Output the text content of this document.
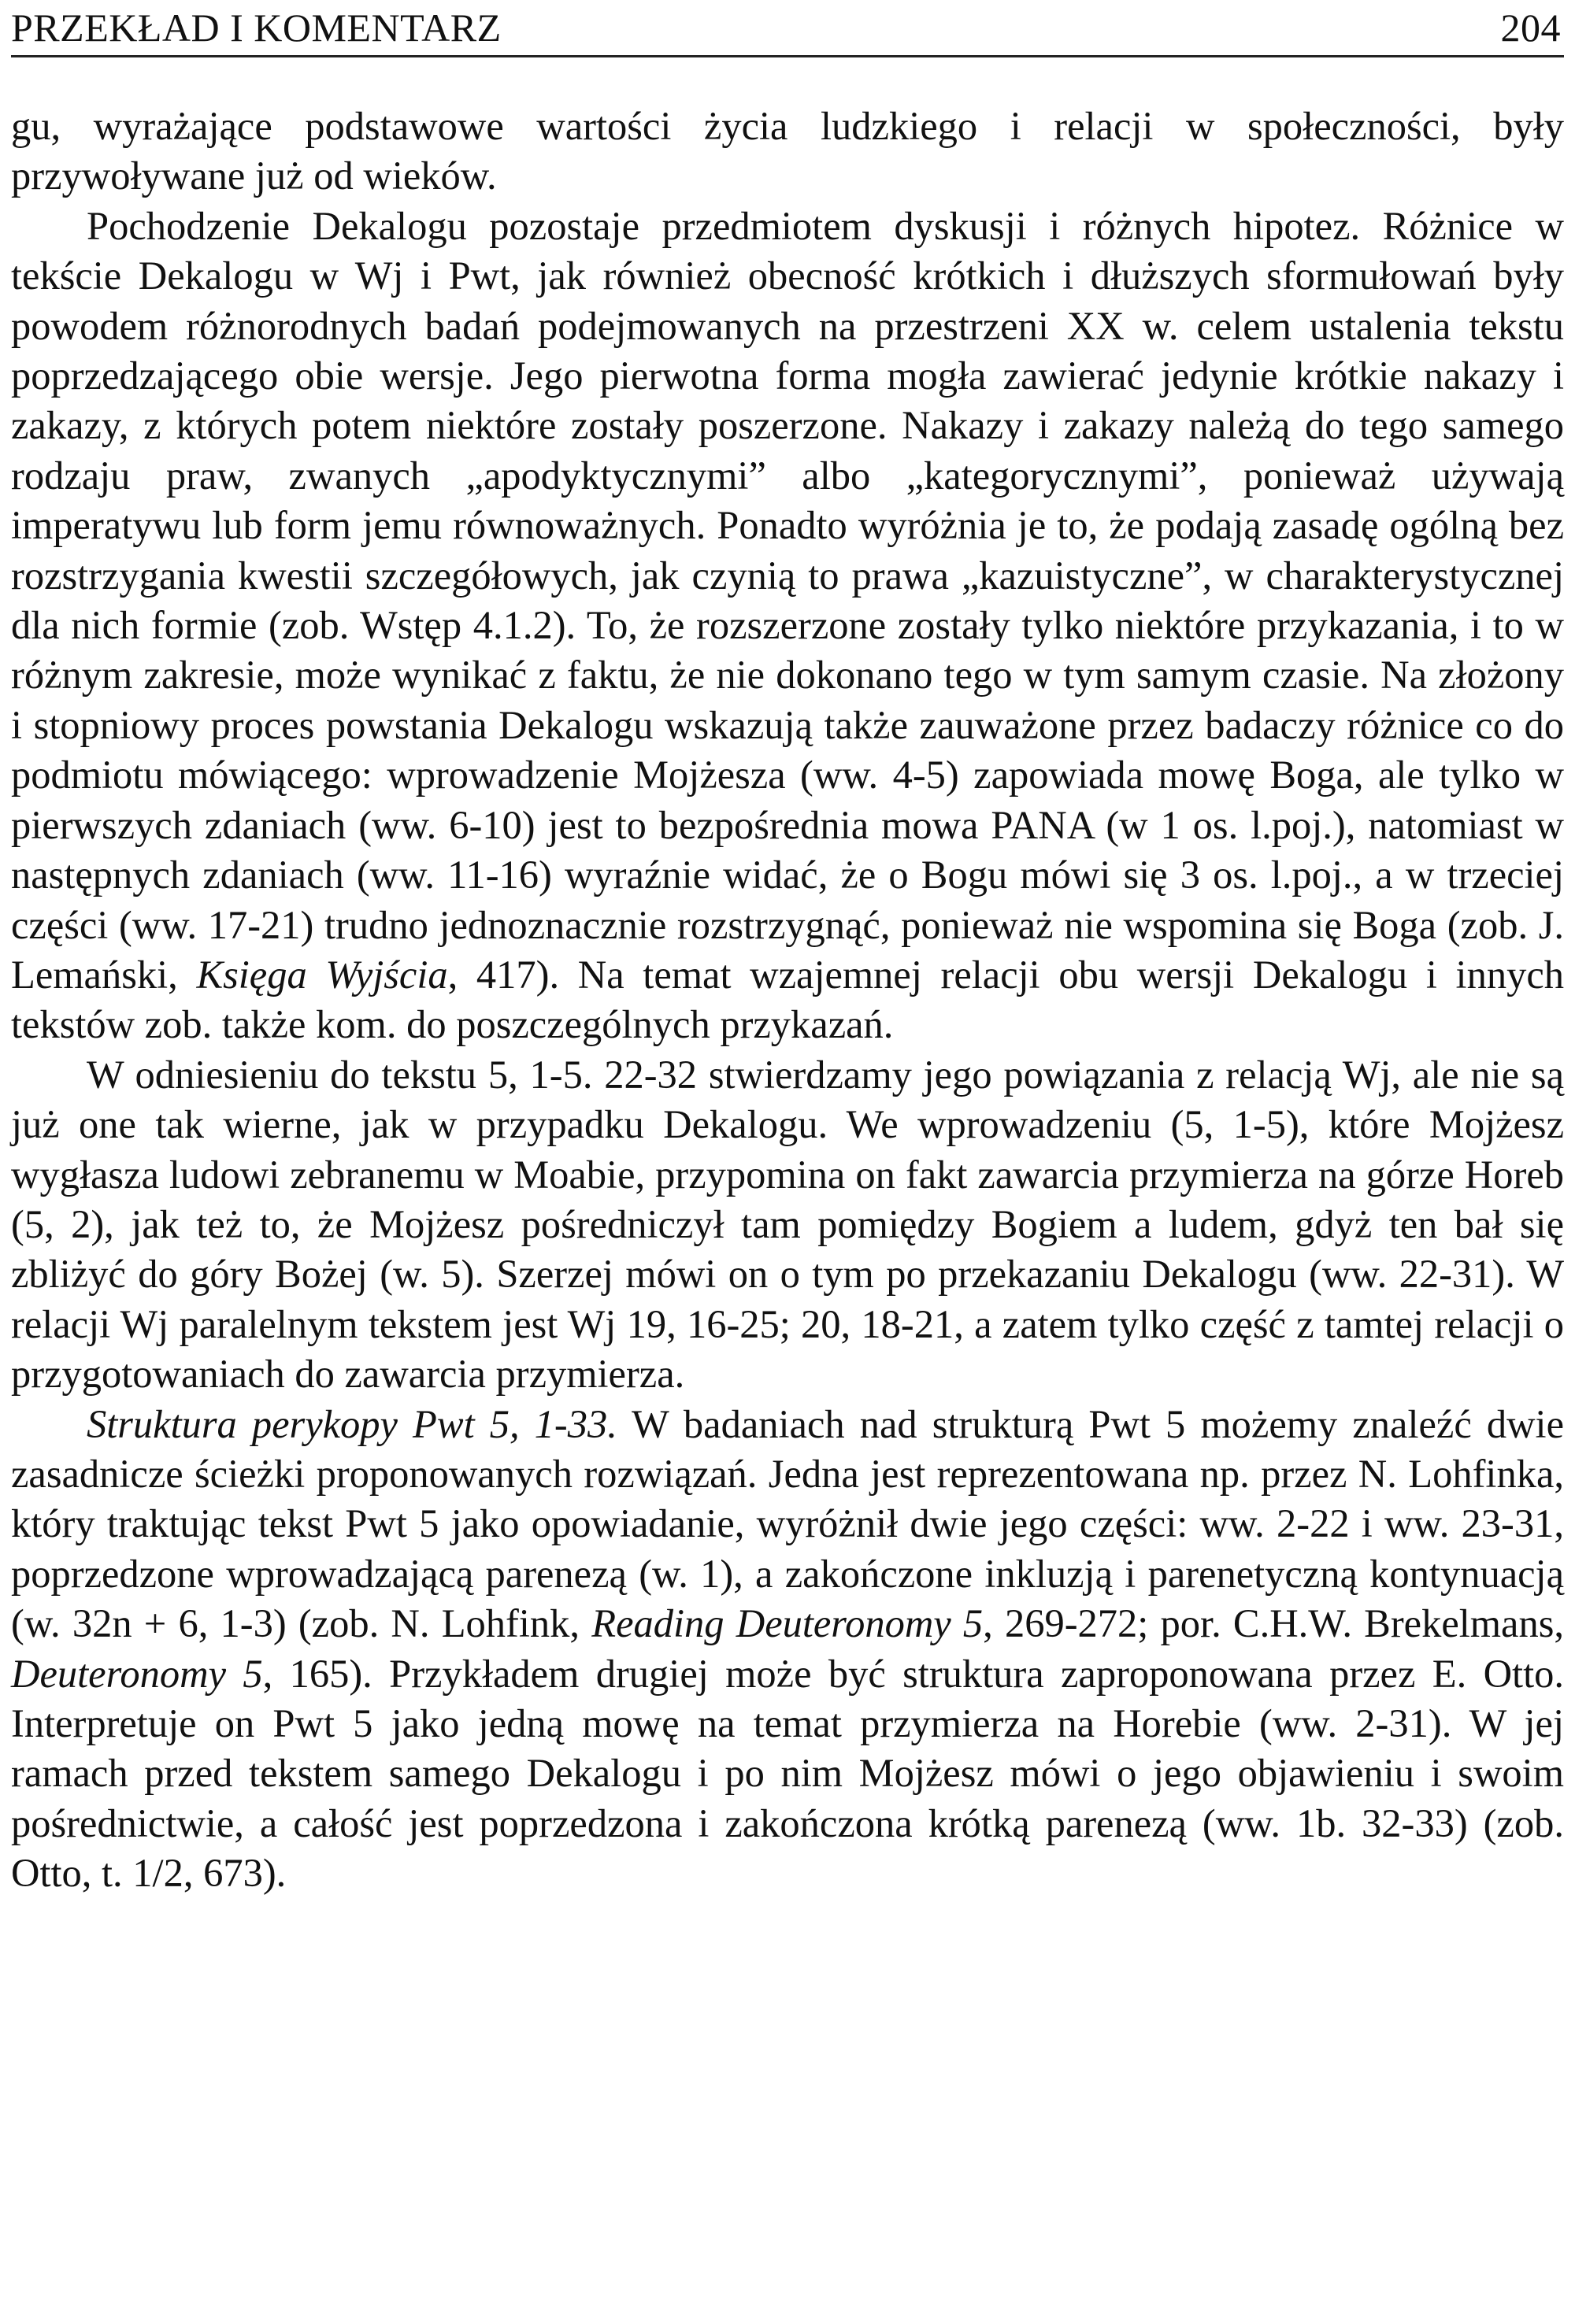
PRZEKŁAD I KOMENTARZ	204

gu, wyrażające podstawowe wartości życia ludzkiego i relacji w społeczności, były przywoływane już od wieków.

Pochodzenie Dekalogu pozostaje przedmiotem dyskusji i różnych hipotez. Różnice w tekście Dekalogu w Wj i Pwt, jak również obecność krótkich i dłuższych sformułowań były powodem różnorodnych badań podejmowanych na przestrzeni XX w. celem ustalenia tekstu poprzedzającego obie wersje. Jego pierwotna forma mogła zawierać jedynie krótkie nakazy i zakazy, z których potem niektóre zostały poszerzone. Nakazy i zakazy należą do tego samego rodzaju praw, zwanych „apodyktycznymi” albo „kategorycznymi”, ponieważ używają imperatywu lub form jemu równoważnych. Ponadto wyróżnia je to, że podają zasadę ogólną bez rozstrzygania kwestii szczegółowych, jak czynią to prawa „kazuistyczne”, w charakterystycznej dla nich formie (zob. Wstęp 4.1.2). To, że rozszerzone zostały tylko niektóre przykazania, i to w różnym zakresie, może wynikać z faktu, że nie dokonano tego w tym samym czasie. Na złożony i stopniowy proces powstania Dekalogu wskazują także zauważone przez badaczy różnice co do podmiotu mówiącego: wprowadzenie Mojżesza (ww. 4-5) zapowiada mowę Boga, ale tylko w pierwszych zdaniach (ww. 6-10) jest to bezpośrednia mowa PANA (w 1 os. l.poj.), natomiast w następnych zdaniach (ww. 11-16) wyraźnie widać, że o Bogu mówi się 3 os. l.poj., a w trzeciej części (ww. 17-21) trudno jednoznacznie rozstrzygnąć, ponieważ nie wspomina się Boga (zob. J. Lemański, Księga Wyjścia, 417). Na temat wzajemnej relacji obu wersji Dekalogu i innych tekstów zob. także kom. do poszczególnych przykazań.

W odniesieniu do tekstu 5, 1-5. 22-32 stwierdzamy jego powiązania z relacją Wj, ale nie są już one tak wierne, jak w przypadku Dekalogu. We wprowadzeniu (5, 1-5), które Mojżesz wygłasza ludowi zebranemu w Moabie, przypomina on fakt zawarcia przymierza na górze Horeb (5, 2), jak też to, że Mojżesz pośredniczył tam pomiędzy Bogiem a ludem, gdyż ten bał się zbliżyć do góry Bożej (w. 5). Szerzej mówi on o tym po przekazaniu Dekalogu (ww. 22-31). W relacji Wj paralelnym tekstem jest Wj 19, 16-25; 20, 18-21, a zatem tylko część z tamtej relacji o przygotowaniach do zawarcia przymierza.

Struktura perykopy Pwt 5, 1-33. W badaniach nad strukturą Pwt 5 możemy znaleźć dwie zasadnicze ścieżki proponowanych rozwiązań. Jedna jest reprezentowana np. przez N. Lohfinka, który traktując tekst Pwt 5 jako opowiadanie, wyróżnił dwie jego części: ww. 2-22 i ww. 23-31, poprzedzone wprowadzającą parenezą (w. 1), a zakończone inkluzją i parenetyczną kontynuacją (w. 32n + 6, 1-3) (zob. N. Lohfink, Reading Deuteronomy 5, 269-272; por. C.H.W. Brekelmans, Deuteronomy 5, 165). Przykładem drugiej może być struktura zaproponowana przez E. Otto. Interpretuje on Pwt 5 jako jedną mowę na temat przymierza na Horebie (ww. 2-31). W jej ramach przed tekstem samego Dekalogu i po nim Mojżesz mówi o jego objawieniu i swoim pośrednictwie, a całość jest poprzedzona i zakończona krótką parenezą (ww. 1b. 32-33) (zob. Otto, t. 1/2, 673).
